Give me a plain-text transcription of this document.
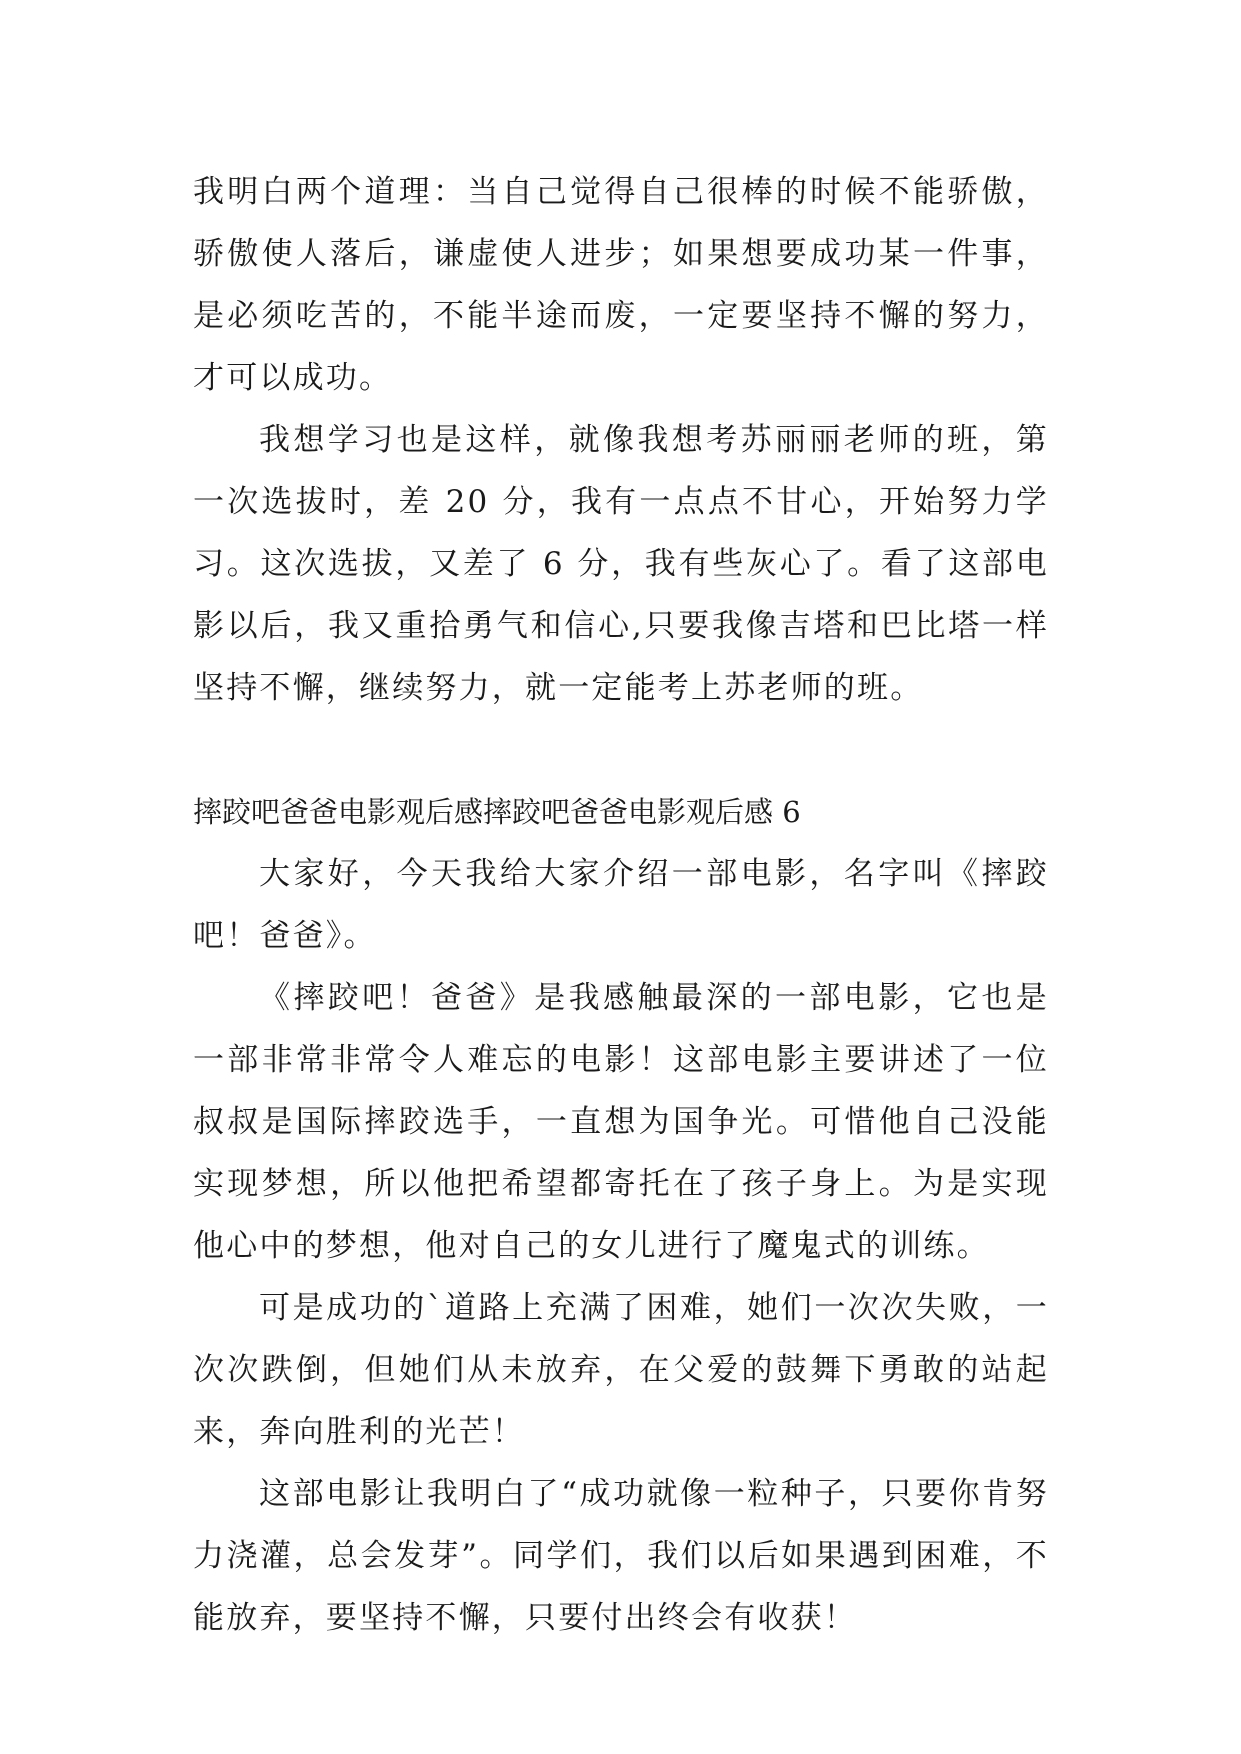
我明白两个道理：当自己觉得自己很棒的时候不能骄傲，骄傲使人落后，谦虚使人进步；如果想要成功某一件事，是必须吃苦的，不能半途而废，一定要坚持不懈的努力，才可以成功。

我想学习也是这样，就像我想考苏丽丽老师的班，第一次选拔时，差 20 分，我有一点点不甘心，开始努力学习。这次选拔，又差了 6 分，我有些灰心了。看了这部电影以后，我又重拾勇气和信心,只要我像吉塔和巴比塔一样坚持不懈，继续努力，就一定能考上苏老师的班。

摔跤吧爸爸电影观后感摔跤吧爸爸电影观后感 6

大家好，今天我给大家介绍一部电影，名字叫《摔跤吧！爸爸》。

《摔跤吧！爸爸》是我感触最深的一部电影，它也是一部非常非常令人难忘的电影！这部电影主要讲述了一位叔叔是国际摔跤选手，一直想为国争光。可惜他自己没能实现梦想，所以他把希望都寄托在了孩子身上。为是实现他心中的梦想，他对自己的女儿进行了魔鬼式的训练。

可是成功的`道路上充满了困难，她们一次次失败，一次次跌倒，但她们从未放弃，在父爱的鼓舞下勇敢的站起来，奔向胜利的光芒！

这部电影让我明白了“成功就像一粒种子，只要你肯努力浇灌，总会发芽”。同学们，我们以后如果遇到困难，不能放弃，要坚持不懈，只要付出终会有收获！
